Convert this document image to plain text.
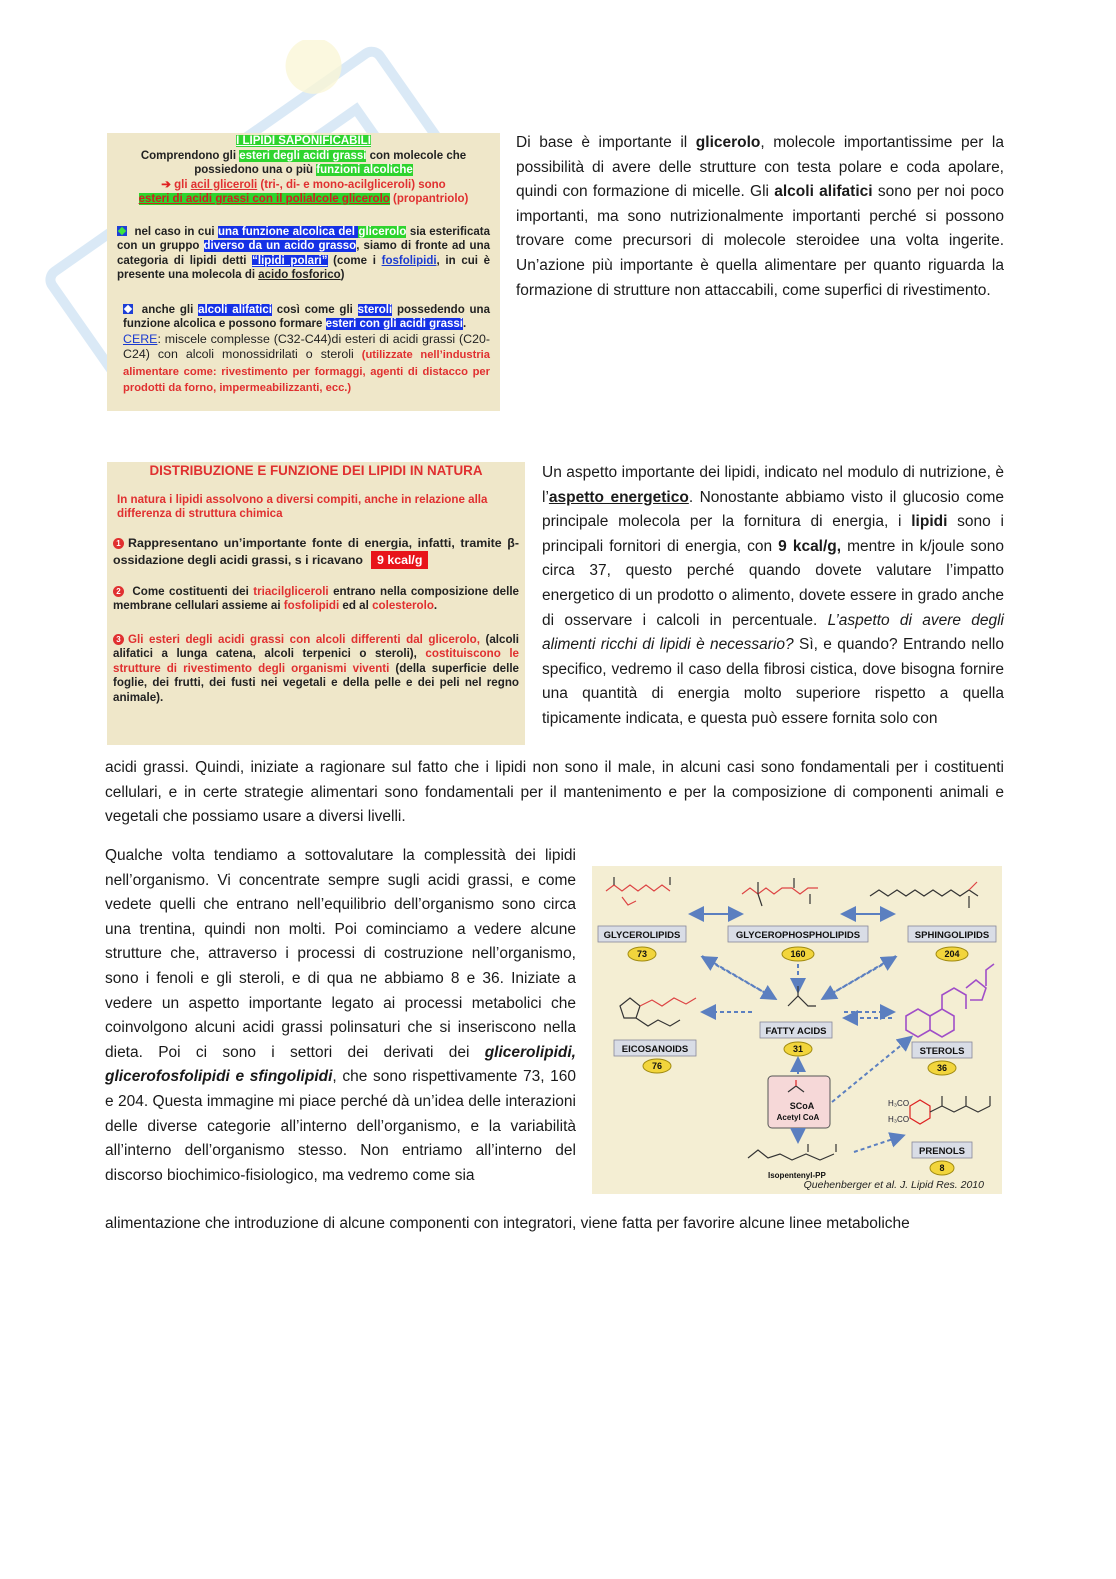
I LIPIDI SAPONIFICABILI
Comprendono gli esteri degli acidi grassi con molecole che
possiedono una o più funzioni alcoliche
➔ gli acil gliceroli (tri-, di- e mono-acilgliceroli) sono
esteri di acidi grassi con il polialcole glicerolo (propantriolo)
nel caso in cui una funzione alcolica del glicerolo sia esterificata con un gruppo diverso da un acido grasso, siamo di fronte ad una categoria di lipidi detti “lipidi polari” (come i fosfolipidi, in cui è presente una molecola di acido fosforico)
anche gli alcoli alifatici così come gli steroli possedendo una funzione alcolica e possono formare esteri con gli acidi grassi.
CERE: miscele complesse (C32-C44)di esteri di acidi grassi (C20-C24) con alcoli monossidrilati o steroli (utilizzate nell’industria alimentare come: rivestimento per formaggi, agenti di distacco per prodotti da forno, impermeabilizzanti, ecc.)

Di base è importante il glicerolo, molecole importantissime per la possibilità di avere delle strutture con testa polare e coda apolare, quindi con formazione di micelle. Gli alcoli alifatici sono per noi poco importanti, ma sono nutrizionalmente importanti perché si possono trovare come precursori di molecole steroidee una volta ingerite. Un’azione più importante è quella alimentare per quanto riguarda la formazione di strutture non attaccabili, come superfici di rivestimento.

DISTRIBUZIONE E FUNZIONE DEI LIPIDI IN NATURA
In natura i lipidi assolvono a diversi compiti, anche in relazione alla differenza di struttura chimica
1 Rappresentano un’importante fonte di energia, infatti, tramite β-ossidazione degli acidi grassi, s i ricavano 9 kcal/g
2 Come costituenti dei triacilgliceroli entrano nella composizione delle membrane cellulari assieme ai fosfolipidi ed al colesterolo.
3 Gli esteri degli acidi grassi con alcoli differenti dal glicerolo, (alcoli alifatici a lunga catena, alcoli terpenici o steroli), costituiscono le strutture di rivestimento degli organismi viventi (della superficie delle foglie, dei frutti, dei fusti nei vegetali e della pelle e dei peli nel regno animale).

Un aspetto importante dei lipidi, indicato nel modulo di nutrizione, è l’aspetto energetico. Nonostante abbiamo visto il glucosio come principale molecola per la fornitura di energia, i lipidi sono i principali fornitori di energia, con 9 kcal/g, mentre in k/joule sono circa 37, questo perché quando dovete valutare l’impatto energetico di un prodotto o alimento, dovete essere in grado anche di osservare i calcoli in percentuale. L’aspetto di avere degli alimenti ricchi di lipidi è necessario? Sì, e quando? Entrando nello specifico, vedremo il caso della fibrosi cistica, dove bisogna fornire una quantità di energia molto superiore rispetto a quella tipicamente indicata, e questa può essere fornita solo con

acidi grassi. Quindi, iniziate a ragionare sul fatto che i lipidi non sono il male, in alcuni casi sono fondamentali per i costituenti cellulari, e in certe strategie alimentari sono fondamentali per il mantenimento e per la composizione di componenti animali e vegetali che possiamo usare a diversi livelli.

Qualche volta tendiamo a sottovalutare la complessità dei lipidi nell’organismo. Vi concentrate sempre sugli acidi grassi, e come vedete quelli che entrano nell’equilibrio dell’organismo sono circa una trentina, quindi non molti. Poi cominciamo a vedere alcune strutture che, attraverso i processi di costruzione nell’organismo, sono i fenoli e gli steroli, e di qua ne abbiamo 8 e 36. Iniziate a vedere un aspetto importante legato ai processi metabolici che coinvolgono alcuni acidi grassi polinsaturi che si inseriscono nella dieta. Poi ci sono i settori dei derivati dei glicerolipidi, glicerofosfolipidi e sfingolipidi, che sono rispettivamente 73, 160 e 204. Questa immagine mi piace perché dà un’idea delle interazioni delle diverse categorie all’interno dell’organismo, e la variabilità all’interno dell’organismo stesso. Non entriamo all’interno del discorso biochimico-fisiologico, ma vedremo come sia

alimentazione che introduzione di alcune componenti con integratori, viene fatta per favorire alcune linee metaboliche

GLYCEROLIPIDS
73
GLYCEROPHOSPHOLIPIDS
160
SPHINGOLIPIDS
204
FATTY ACIDS
31
EICOSANOIDS
76
STEROLS
36
SCoA
Acetyl CoA
Isopentenyl-PP
H₃CO
H₃CO
PRENOLS
8
Quehenberger et al. J. Lipid Res. 2010
